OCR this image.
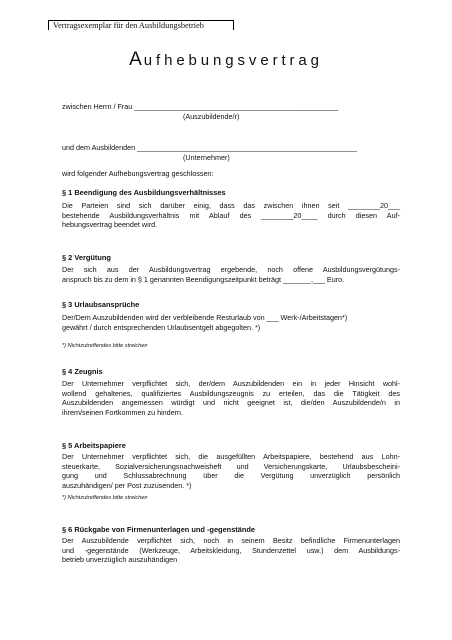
Vertragsexemplar für den Ausbildungsbetrieb
Aufhebungsvertrag
zwischen Herrn / Frau ___________________________________________________
(Auszubildende/r)
und dem Ausbildenden _______________________________________________________
(Unternehmer)
wird folgender Aufhebungsvertrag geschlossen:
§ 1 Beendigung des Ausbildungsverhältnisses
Die Parteien sind sich darüber einig, dass das zwischen ihnen seit ________20___
bestehende Ausbildungsverhältnis mit Ablauf des ________20____ durch diesen Auf-
hebungsvertrag beendet wird.
§ 2 Vergütung
Der sich aus der Ausbildungsvertrag ergebende, noch offene Ausbildungsvergütungs-
anspruch bis zu dem in § 1 genannten Beendigungszeitpunkt beträgt _______,___ Euro.
§ 3 Urlaubsansprüche
Der/Dem Auszubildenden wird der verbleibende Resturlaub von ___ Werk-/Arbeitstagen*)
gewährt / durch entsprechenden Urlaubsentgelt abgegolten. *)
*) Nichtzutreffendes bitte streichen
§ 4 Zeugnis
Der Unternehmer verpflichtet sich, der/dem Auszubildenden ein in jeder Hinsicht wohl-
wollend gehaltenes, qualifiziertes Ausbildungszeugnis zu erteilen, das die Tätigkeit des
Auszubildenden angemessen würdigt und nicht geeignet ist, die/den Auszubildende/n in
ihrem/seinen Fortkommen zu hindern.
§ 5 Arbeitspapiere
Der Unternehmer verpflichtet sich, die ausgefüllten Arbeitspapiere, bestehend aus Lohn-
steuerkarte, Sozialversicherungsnachweisheft und Versicherungskarte, Urlaubsbescheini-
gung und Schlussabrechnung über die Vergütung unverzüglich persönlich
auszuhändigen/ per Post zuzusenden. *)
*) Nichtzutreffendes bitte streichen
§ 6 Rückgabe von Firmenunterlagen und -gegenstände
Der Auszubildende verpflichtet sich, noch in seinem Besitz befindliche Firmenunterlagen
und -gegenstände (Werkzeuge, Arbeitskleidung, Stundenzettel usw.) dem Ausbildungs-
betrieb unverzüglich auszuhändigen
